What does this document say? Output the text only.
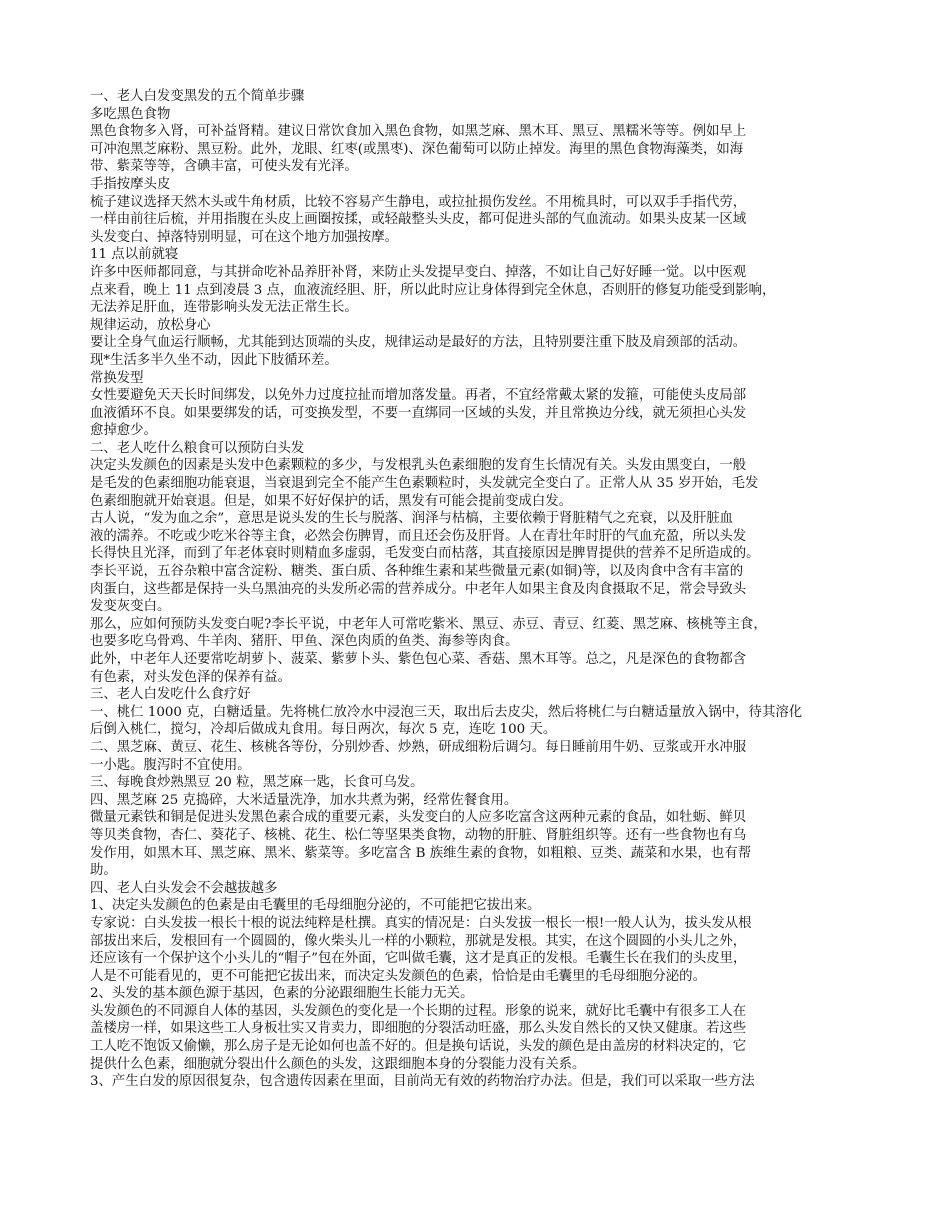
一、老人白发变黑发的五个简单步骤
多吃黑色食物
黑色食物多入肾，可补益肾精。建议日常饮食加入黑色食物，如黑芝麻、黑木耳、黑豆、黑糯米等等。例如早上
可冲泡黑芝麻粉、黑豆粉。此外，龙眼、红枣(或黑枣)、深色葡萄可以防止掉发。海里的黑色食物海藻类，如海
带、紫菜等等，含碘丰富，可使头发有光泽。
手指按摩头皮
梳子建议选择天然木头或牛角材质，比较不容易产生静电，或拉扯损伤发丝。不用梳具时，可以双手手指代劳，
一样由前往后梳，并用指腹在头皮上画圈按揉，或轻敲整头头皮，都可促进头部的气血流动。如果头皮某一区域
头发变白、掉落特别明显，可在这个地方加强按摩。
11 点以前就寝
许多中医师都同意，与其拼命吃补品养肝补肾，来防止头发提早变白、掉落，不如让自己好好睡一觉。以中医观
点来看，晚上 11 点到凌晨 3 点，血液流经胆、肝，所以此时应让身体得到完全休息，否则肝的修复功能受到影响，
无法养足肝血，连带影响头发无法正常生长。
规律运动，放松身心
要让全身气血运行顺畅，尤其能到达顶端的头皮，规律运动是最好的方法，且特别要注重下肢及肩颈部的活动。
现*生活多半久坐不动，因此下肢循环差。
常换发型
女性要避免天天长时间绑发，以免外力过度拉扯而增加落发量。再者，不宜经常戴太紧的发箍，可能使头皮局部
血液循环不良。如果要绑发的话，可变换发型，不要一直绑同一区域的头发，并且常换边分线，就无须担心头发
愈掉愈少。
二、老人吃什么粮食可以预防白头发
决定头发颜色的因素是头发中色素颗粒的多少，与发根乳头色素细胞的发育生长情况有关。头发由黑变白，一般
是毛发的色素细胞功能衰退，当衰退到完全不能产生色素颗粒时，头发就完全变白了。正常人从 35 岁开始，毛发
色素细胞就开始衰退。但是，如果不好好保护的话，黑发有可能会提前变成白发。
古人说，“发为血之余”，意思是说头发的生长与脱落、润泽与枯槁，主要依赖于肾脏精气之充衰，以及肝脏血
液的濡养。不吃或少吃米谷等主食，必然会伤脾胃，而且还会伤及肝肾。人在青壮年时肝的气血充盈，所以头发
长得快且光泽，而到了年老体衰时则精血多虚弱，毛发变白而枯落，其直接原因是脾胃提供的营养不足所造成的。
李长平说，五谷杂粮中富含淀粉、糖类、蛋白质、各种维生素和某些微量元素(如铜)等，以及肉食中含有丰富的
肉蛋白，这些都是保持一头乌黑油亮的头发所必需的营养成分。中老年人如果主食及肉食摄取不足，常会导致头
发变灰变白。
那么，应如何预防头发变白呢?李长平说，中老年人可常吃紫米、黑豆、赤豆、青豆、红菱、黑芝麻、核桃等主食，
也要多吃乌骨鸡、牛羊肉、猪肝、甲鱼、深色肉质的鱼类、海参等肉食。
此外，中老年人还要常吃胡萝卜、菠菜、紫萝卜头、紫色包心菜、香菇、黑木耳等。总之，凡是深色的食物都含
有色素，对头发色泽的保养有益。
三、老人白发吃什么食疗好
一、桃仁 1000 克，白糖适量。先将桃仁放冷水中浸泡三天，取出后去皮尖，然后将桃仁与白糖适量放入锅中，待其溶化
后倒入桃仁，搅匀，冷却后做成丸食用。每日两次，每次 5 克，连吃 100 天。
二、黑芝麻、黄豆、花生、核桃各等份，分别炒香、炒熟，研成细粉后调匀。每日睡前用牛奶、豆浆或开水冲服
一小匙。腹泻时不宜使用。
三、每晚食炒熟黑豆 20 粒，黑芝麻一匙，长食可乌发。
四、黑芝麻 25 克捣碎，大米适量洗净，加水共煮为粥，经常佐餐食用。
微量元素铁和铜是促进头发黑色素合成的重要元素，头发变白的人应多吃富含这两种元素的食品，如牡蛎、鲜贝
等贝类食物，杏仁、葵花子、核桃、花生、松仁等坚果类食物，动物的肝脏、肾脏组织等。还有一些食物也有乌
发作用，如黑木耳、黑芝麻、黑米、紫菜等。多吃富含 B 族维生素的食物，如粗粮、豆类、蔬菜和水果，也有帮
助。
四、老人白头发会不会越拔越多
1、决定头发颜色的色素是由毛囊里的毛母细胞分泌的，不可能把它拔出来。
专家说：白头发拔一根长十根的说法纯粹是杜撰。真实的情况是：白头发拔一根长一根!一般人认为，拔头发从根
部拔出来后，发根回有一个圆圆的，像火柴头儿一样的小颗粒，那就是发根。其实，在这个圆圆的小头儿之外，
还应该有一个保护这个小头儿的“帽子”包在外面，它叫做毛囊，这才是真正的发根。毛囊生长在我们的头皮里，
人是不可能看见的，更不可能把它拔出来，而决定头发颜色的色素，恰恰是由毛囊里的毛母细胞分泌的。
2、头发的基本颜色源于基因，色素的分泌跟细胞生长能力无关。
头发颜色的不同源自人体的基因，头发颜色的变化是一个长期的过程。形象的说来，就好比毛囊中有很多工人在
盖楼房一样，如果这些工人身板壮实又肯卖力，即细胞的分裂活动旺盛，那么头发自然长的又快又健康。若这些
工人吃不饱饭又偷懒，那么房子是无论如何也盖不好的。但是换句话说，头发的颜色是由盖房的材料决定的，它
提供什么色素，细胞就分裂出什么颜色的头发，这跟细胞本身的分裂能力没有关系。
3、产生白发的原因很复杂，包含遗传因素在里面，目前尚无有效的药物治疗办法。但是，我们可以采取一些方法
